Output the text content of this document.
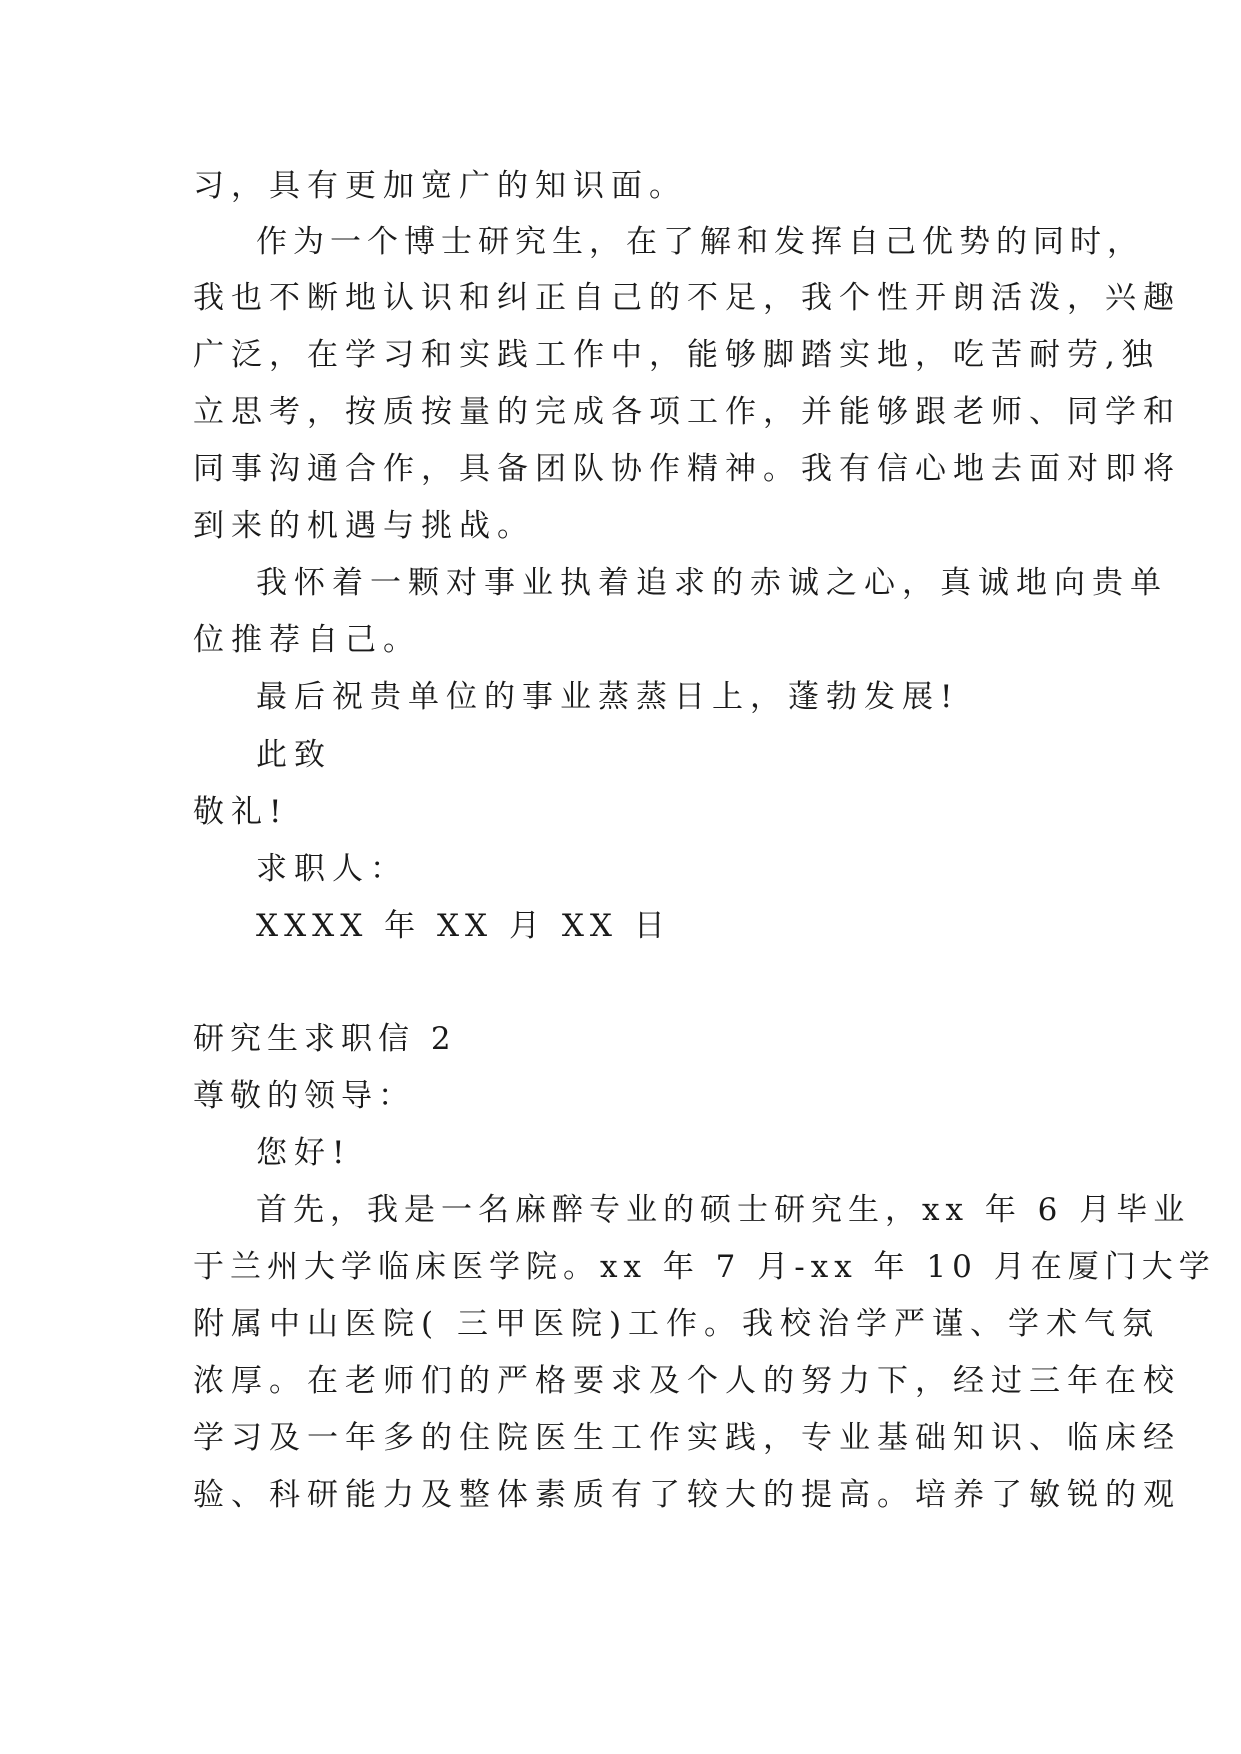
习，具有更加宽广的知识面。

作为一个博士研究生，在了解和发挥自己优势的同时，

我也不断地认识和纠正自己的不足，我个性开朗活泼，兴趣

广泛，在学习和实践工作中，能够脚踏实地，吃苦耐劳,独

立思考，按质按量的完成各项工作，并能够跟老师、同学和

同事沟通合作，具备团队协作精神。我有信心地去面对即将

到来的机遇与挑战。

我怀着一颗对事业执着追求的赤诚之心，真诚地向贵单

位推荐自己。

最后祝贵单位的事业蒸蒸日上，蓬勃发展!

此致

敬礼!

求职人：

XXXX 年 XX 月 XX 日

研究生求职信 2

尊敬的领导：

您好!

首先，我是一名麻醉专业的硕士研究生，xx 年 6 月毕业

于兰州大学临床医学院。xx 年 7 月-xx 年 10 月在厦门大学

附属中山医院( 三甲医院)工作。我校治学严谨、学术气氛

浓厚。在老师们的严格要求及个人的努力下，经过三年在校

学习及一年多的住院医生工作实践，专业基础知识、临床经

验、科研能力及整体素质有了较大的提高。培养了敏锐的观
